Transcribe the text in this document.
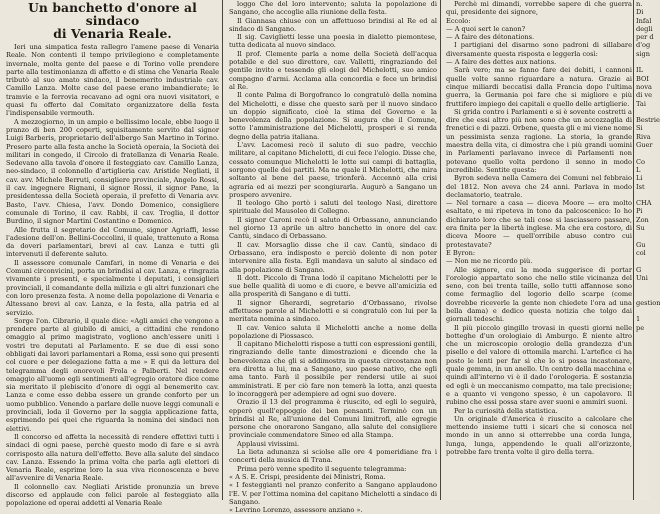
Un banchetto d'onore al sindaco
di Venaria Reale.

Ieri una simpatica festa rallegro l'amene paese di Venaria Reale. Non contenti il tempo privilegiono e completamente invernale, molta gente del paese e di Torino volle prendere parte alla testimonianza di affetto e di stima che Venaria Reale tributò al suo amato sindaco, il benemerito industriale cav. Camillo Lanza. Molte case del paese erano imbandierate; le tramvie e la ferrovia recavano ad ogni ora nuovi visitatori, e quasi fu offerto dal Comitato organizzatore della festa l'indispensabile vermouth.

A mezzogiorno, in un ampio e bellissimo locale, ebbe luogo il pranzo di ben 200 coperti, squisitamente servito dal signor Luigi Barberis, proprietario dell'albergo San Martino in Torino. Presero parte alla festa anche la Società operaia, la Società dei militari in congedo, il Circolo di fratellanza di Venaria Reale. Sedevano alla tavola d'onore il festeggiato cav. Camillo Lanza, neo-sindaco, il colonnello d'artiglieria cav. Aristide Negliati, il cav. avv. Michele Berruti, consigliere provinciale, Angelo Rossi, il cav. ingegnere Rignani, il signor Rossi, il signor Pane, la presidentessa della Società operaia, il prefetto di Venaria avv. Basto, l'avv. Chiesa, l'avv. Dondo Domenico, consigliere comunale di Torino, il cav. Rabbi, il cav. Troglia, il dottor Burdino, il signor Martini Costantino e Domenico.

Alle frutta il segretario del Comune, signor Agriaffi, lesse l'adesione dell'on. Bellini-Coccolini, il quale, trattenuto a Roma da doveri parlamentari, brevi al cav. Lanza e tutti gli intervenuti il deferente saluto.

Il assessore comunale Camfari, in nome di Venaria e dei Comuni circonvicini, porta un brindisi al cav. Lanza, e ringrazia vivamente i presenti, e specialmente i deputati, i consiglieri provinciali, il comandante della milizia e gli altri funzionari che con loro presenza festa. A nome della popolazione di Venaria e Altessano brevi al cav. Lanza, e la festa, alla patria ed al servizio.

Sorge l'on. Cibrario, il quale dice: «Agli amici che vengono a prendere parte al giubilo di amici, a cittadini che rendono omaggio al primo magistrato, vogliono anch'essere uniti i vostri tre deputati al Parlamento. E se due di essi sono obbligati dai lavori parlamentari a Roma, essi sono qui presenti col cuore e per delegazione fatta a me » E qui da lettura del telegramma degli onorevoli Frola e Palberti. Nel rendere omaggio all'uomo egli sentimenti all'egregio oratore dice come sia meritato il plebiscito d'onore di oggi al benemerito cav. Lanza e come esso debba essere un grande conforto per un uomo pubblico. Venendo a parlare delle nuove leggi comunali e provinciali, loda il Governo per la saggia applicazione fatta, esprimendo pei quei che riguarda la nomina dei sindaci non elettivi.

Il concorso ed affetta la necessità di rendere effettivi tutti i sindaci di ogni paese, perchè questo modo di fare e si avrà corrisposto alla natura dell'effetto. Beve alla salute del sindaco cav. Lanza. Essendo la prima volta che parla agli elettori di Venaria Reale, esprime loro la sua viva riconoscenza e beve all'avvenire di Venaria Reale.

Il colonnello cav. Negliati Aristide pronunzia un breve discorso ed applaude con felici parole al festeggiato alla popolazione ed operai addetti al Venaria Reale

loggo Che del loro intervento; saluta la popolazione di Sangano, che accoglie alla riunione della festa.

Il Giannasa chiuse con un affettuoso brindisi al Re ed al sindaco di Sangano.

Il sig. Caviglietti lesse una poesia in dialetto piemontese, tutta dedicata al nuovo sindaco.

Il prof. Clemente parla a nome della Società dell'acqua potabile e del suo direttore, cav. Valletti, ringraziando del gentile invito e tessendo gli elogi del Michelotti, suo amico compagno d'armi. Acclama alla concordia e fece un brindisi al Re.

Il conte Palma di Borgofranco lo congratulò della nomina del Michelotti, e disse che questo sarà per il nuovo sindaco un doppio significato, cioè la stima del Governo e la benevolenza della popolazione. Si augura che il Comune, sotto l'amministrazione del Michelotti, prosperi e si renda degno della patria italiana.

L'avv. Lacomesi recò il saluto di suo padre, vecchio militare, al capitano Michelotti, di cui fece l'elogio. Disse che, cessato comunque Michelotti le lotte sui campi di battaglia, sorgono quelle dei partiti. Ma ne quale il Michelotti, che mira soltanto al bene del paese, trionferà. Accennò alla crisi agraria ed ai mezzi per scongiurarla. Augurò a Sangano un prospero avvenire.

Il teologo Gho portò i saluti del teologo Nasi, direttore spirituale del Mausoleo di Collegno.

Il signor Caroni recò il saluto di Orbassano, annunciando nel giorno 13 aprile un altro banchetto in onore del cav. Cantù, sindaco di Orbassano.

Il cav. Morsaglio disse che il cav. Cantù, sindaco di Orbassano, era indisposto e perciò dolente di non poter intervenire alla festa. Egli mandava un saluto al sindaco ed alla popolazione di Sangano.

Il dott. Piccolo di Trana lodò il capitano Michelotti per le sue belle qualità di uomo e di cuore, e bevve all'amicizia ed alla prosperità di Sangano e di tutti.

Il signor Gherardi, segretario d'Orbassano, rivolse affettuose parole al Michelotti e si congratulò con lui per la meritata nomina a sindaco.

Il cav. Venico saluta il Michelotti anche a nome della popolazione di Piossasco.

Il capitano Michelotti rispose a tutti con espressioni gentili, ringraziando delle tante dimostrazioni e dicendo che la benevolenza che gli si addimostra in questa circostanza non era diretta a lui, ma a Sangano, suo paese nativo, che egli ama tanto. Farà il possibile per rendersi utile ai suoi amministrati. E per ciò fare non temerà la lotta, anzi questa lo incoraggerà per adempiere ad ogni suo dovere.

Orazio il 13 del programma è riuscito, ed egli lo seguirà, epperò quell'eppoggio dei ben pensanti. Terminò con un brindisi al Re, all'unione del Comuni limitrofi, alle egregie persone che onorarono Sangano, alla salute del consigliere provinciale commendatore Sineo ed alla Stampa.

Applausi vivissimi.

La lieta adunanza si sciolse alle ore 4 pomeridiane fra i concerti della musica di Trana.

Prima però venne spedito il seguente telegramma:

« A S. E. Crispi, presidente dei Ministri, Roma.

« I festeggianti nel pranzo conferito a Sangano applaudono l'E. V. per l'ottima nomina del capitano Michelotti a sindaco di Sangano.

« Levrino Lorenzo, assessore anziano ».

Perchè mi dimandi, vorrebbe sapere di che guerra qui, presidente dei signore,

Eccolo:

— A quoi sert le canon?

— A faire des détonations.

I partigiani del disarmo sono padroni di sillabare diversamente questa risposta e leggerla così:

— A faire des dettes aux nations.

Sarà vero; ma se fanno fare dei debiti, i cannoni quelle volte sanno riguardare a natura. Grazie ai cinque miliardi beccatisi dalla Francia dopo l'ultima guerra, la Germania poi fare che si migliore e più fruttifero impiego dei capitali e quello delle artiglierie.

Si grida contro i Parlamenti e si è sovente costretti a dire che essi altro più non sono che un accozzaglia di frenetici e di pazzi. Orbene, questa gli e mi viene nome un pessimista senza ragione. La storia, la grande maestra della vita, ci dimostra che i più grandi uomini in Parlamenti parlavano invece di Parlamenti non potevano quello volta perdono il senno in modo incredibile. Sentite questa:

Byron sedeva nella Camera dei Comuni nel febbraio del 1812. Non aveva che 24 anni. Parlava in modo declamatorio, teatrale.

— Nel tornare a casa — diceva Moore — era molto esaltato, e mi ripeteva in tono da palcoscenico: Io ho dichiarato loro che se tali cose si lasciassero passare, era finita per la libertà inglese. Ma che era costoro, di diceva Moore — quell'orribile abuso contro cui protestavate?

E Byron:

— Non me ne ricordo più.

Alle signore, cui la moda suggerisce di portar l'orologio appartato sono che nello stile vicinanza del seno, con bei trenta taille, sollo tutti affannose sono come fermaglio del logorio dello scarpe (come dovrebbe riceverle la gente non chiedete l'ora ad una bella dama) e dedico questa notizia che tolgo dai giornali tedeschi.

Il più piccolo gingillo trovasi in questi giorni nelle botteghe d'un orologiaio di Amburgo. È niente altro che un microscopio orologio della grandezza d'un pisello e del valore di ottomila marchi. L'artefice ci ha posto le lenti per far sì che lo si possa incastonare, quale gemma, in un anello. Un centro della macchina e quindi all'interno vi è il dado l'orologeria. È sostanzia ed egli è un meccanismo compatto, ma tale precisione; e a quanto vi vengono spesso, è un capolavoro. Il rubino che essi possa stare aver suoni e ammiri suoni.

Per la curiosità della statistica.

Un originale d'America è riuscito a calcolare che mettendo insieme tutti i sicari che si conosca nel mondo in un anno si otterrebbe una corda lunga, lunga, lunga, appendendo le quali all'orizzonte, potrebbe fare trenta volte il giro della terra.

n.
Di
Infal
degli
per d
d'og
sign

IL
BOI
nova
di ve
Tai

Bestrie
Si
Riva
Guer

Co
L
Li
Ist

CHA
Pi
Zon
Su

Gu
col

G
Uni

gestion

1
pe
